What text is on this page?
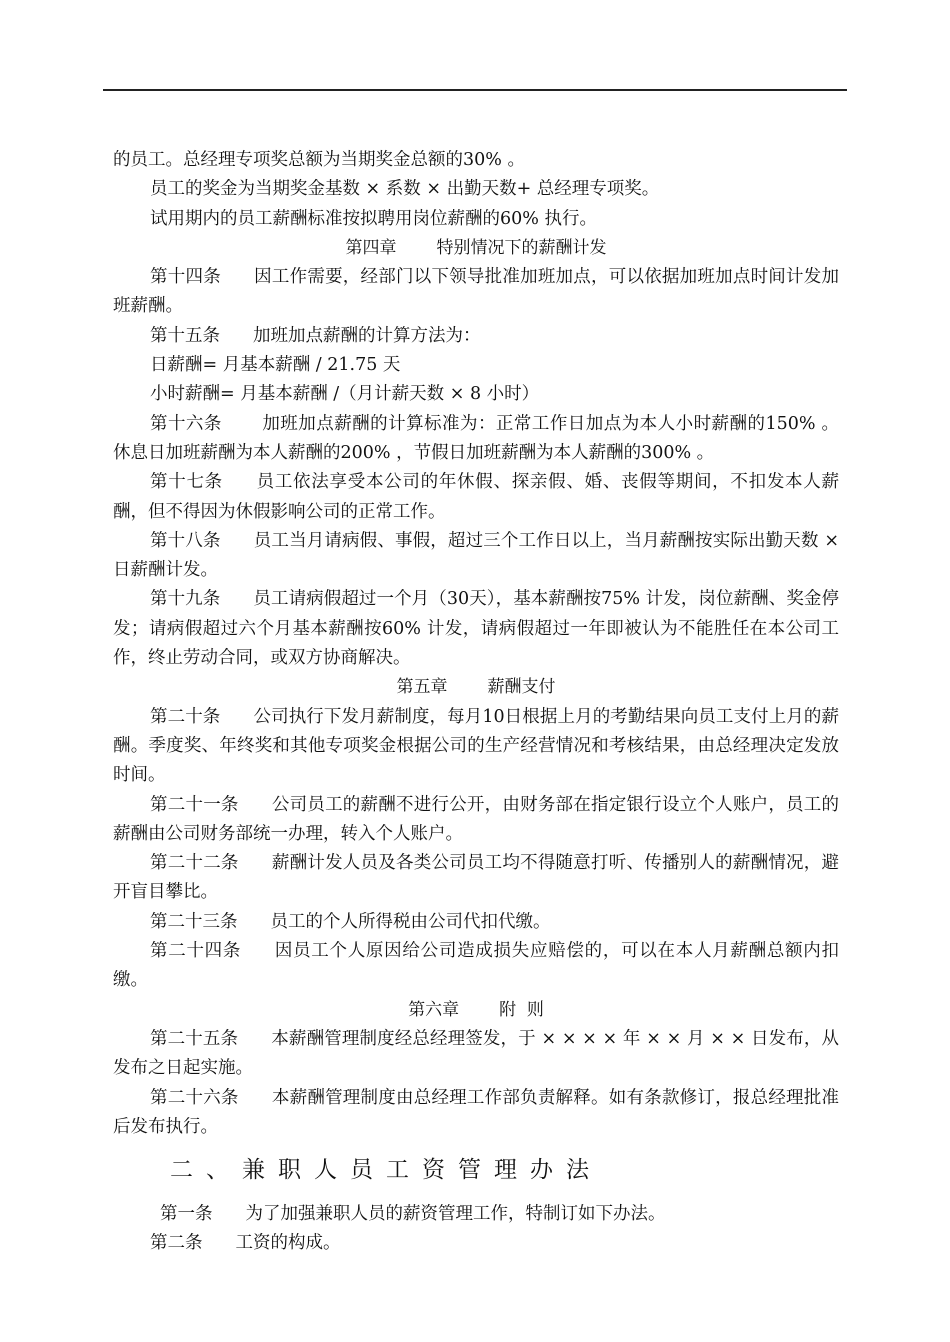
的员工。总经理专项奖总额为当期奖金总额的30% 。
员工的奖金为当期奖金基数 × 系数 × 出勤天数+ 总经理专项奖。
试用期内的员工薪酬标准按拟聘用岗位薪酬的60% 执行。
第四章 特别情况下的薪酬计发

第十四条 因工作需要，经部门以下领导批准加班加点，可以依据加班加点时间计发加班薪酬。

第十五条 加班加点薪酬的计算方法为：
日薪酬= 月基本薪酬 / 21.75 天
小时薪酬= 月基本薪酬 /（月计薪天数 × 8 小时）

第十六条 加班加点薪酬的计算标准为：正常工作日加点为本人小时薪酬的150% 。休息日加班薪酬为本人薪酬的200% ，节假日加班薪酬为本人薪酬的300% 。

第十七条 员工依法享受本公司的年休假、探亲假、婚、丧假等期间，不扣发本人薪酬，但不得因为休假影响公司的正常工作。

第十八条 员工当月请病假、事假，超过三个工作日以上，当月薪酬按实际出勤天数 × 日薪酬计发。

第十九条 员工请病假超过一个月（30天），基本薪酬按75% 计发，岗位薪酬、奖金停发；请病假超过六个月基本薪酬按60% 计发，请病假超过一年即被认为不能胜任在本公司工作，终止劳动合同，或双方协商解决。

第五章 薪酬支付

第二十条 公司执行下发月薪制度，每月10日根据上月的考勤结果向员工支付上月的薪酬。季度奖、年终奖和其他专项奖金根据公司的生产经营情况和考核结果，由总经理决定发放时间。

第二十一条 公司员工的薪酬不进行公开，由财务部在指定银行设立个人账户，员工的薪酬由公司财务部统一办理，转入个人账户。

第二十二条 薪酬计发人员及各类公司员工均不得随意打听、传播别人的薪酬情况，避开盲目攀比。

第二十三条 员工的个人所得税由公司代扣代缴。

第二十四条 因员工个人原因给公司造成损失应赔偿的，可以在本人月薪酬总额内扣缴。

第六章 附  则

第二十五条 本薪酬管理制度经总经理签发，于 × × × × 年 × × 月 × × 日发布，从发布之日起实施。

第二十六条 本薪酬管理制度由总经理工作部负责解释。如有条款修订，报总经理批准后发布执行。

二、兼职人员工资管理办法
第一条 为了加强兼职人员的薪资管理工作，特制订如下办法。
第二条 工资的构成。
